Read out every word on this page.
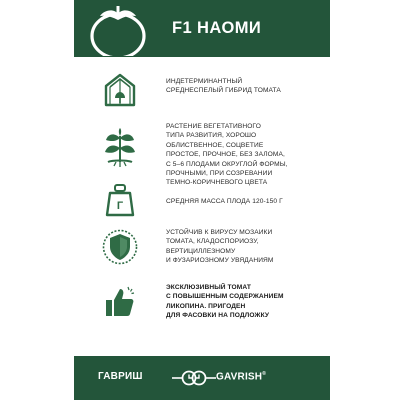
F1 НАОМИ
ИНДЕТЕРМИНАНТНЫЙ
СРЕДНЕСПЕЛЫЙ ГИБРИД ТОМАТА
РАСТЕНИЕ ВЕГЕТАТИВНОГО
ТИПА РАЗВИТИЯ, ХОРОШО
ОБЛИСТВЕННОЕ, СОЦВЕТИЕ
ПРОСТОЕ, ПРОЧНОЕ, БЕЗ ЗАЛОМА,
С 5–6 ПЛОДАМИ ОКРУГЛОЙ ФОРМЫ,
ПРОЧНЫМИ, ПРИ СОЗРЕВАНИИ
ТЕМНО-КОРИЧНЕВОГО ЦВЕТА
Г	СРЕДНЯЯ МАССА ПЛОДА 120-150 Г
УСТОЙЧИВ К ВИРУСУ МОЗАИКИ
ТОМАТА, КЛАДОСПОРИОЗУ,
ВЕРТИЦИЛЛЕЗНОМУ
И ФУЗАРИОЗНОМУ УВЯДАНИЯМ
ЭКСКЛЮЗИВНЫЙ ТОМАТ
С ПОВЫШЕННЫМ СОДЕРЖАНИЕМ
ЛИКОПИНА. ПРИГОДЕН
ДЛЯ ФАСОВКИ НА ПОДЛОЖКУ
ГАВРИШ	GAVRISH®
